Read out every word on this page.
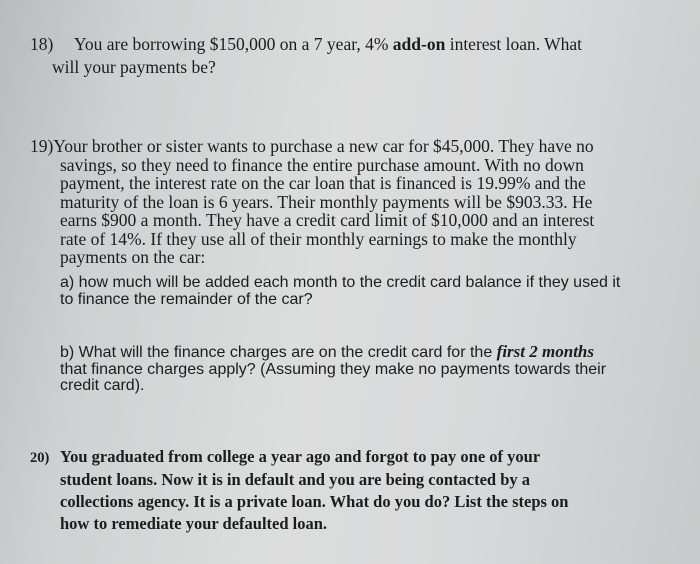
18) You are borrowing $150,000 on a 7 year, 4% add-on interest loan. What
will your payments be?
19)Your brother or sister wants to purchase a new car for $45,000. They have no
savings, so they need to finance the entire purchase amount. With no down
payment, the interest rate on the car loan that is financed is 19.99% and the
maturity of the loan is 6 years. Their monthly payments will be $903.33. He
earns $900 a month. They have a credit card limit of $10,000 and an interest
rate of 14%. If they use all of their monthly earnings to make the monthly
payments on the car:
a) how much will be added each month to the credit card balance if they used it
to finance the remainder of the car?
b) What will the finance charges are on the credit card for the first 2 months
that finance charges apply? (Assuming they make no payments towards their
credit card).
20) You graduated from college a year ago and forgot to pay one of your
student loans. Now it is in default and you are being contacted by a
collections agency. It is a private loan. What do you do? List the steps on
how to remediate your defaulted loan.
